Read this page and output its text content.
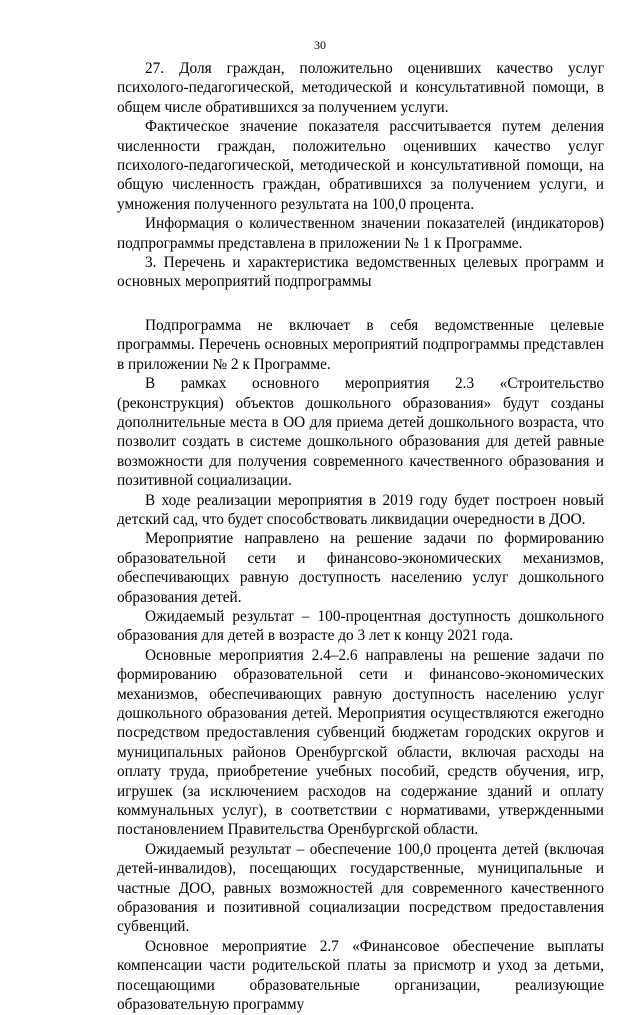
30

27. Доля граждан, положительно оценивших качество услуг психолого-педагогической, методической и консультативной помощи, в общем числе обратившихся за получением услуги.

Фактическое значение показателя рассчитывается путем деления численности граждан, положительно оценивших качество услуг психолого-педагогической, методической и консультативной помощи, на общую численность граждан, обратившихся за получением услуги, и умножения полученного результата на 100,0 процента.

Информация о количественном значении показателей (индикаторов) подпрограммы представлена в приложении № 1 к Программе.

3. Перечень и характеристика ведомственных целевых программ и основных мероприятий подпрограммы

Подпрограмма не включает в себя ведомственные целевые программы. Перечень основных мероприятий подпрограммы представлен в приложении № 2 к Программе.

В рамках основного мероприятия 2.3 «Строительство (реконструкция) объектов дошкольного образования» будут созданы дополнительные места в ОО для приема детей дошкольного возраста, что позволит создать в системе дошкольного образования для детей равные возможности для получения современного качественного образования и позитивной социализации.

В ходе реализации мероприятия в 2019 году будет построен новый детский сад, что будет способствовать ликвидации очередности в ДОО.

Мероприятие направлено на решение задачи по формированию образовательной сети и финансово-экономических механизмов, обеспечивающих равную доступность населению услуг дошкольного образования детей.

Ожидаемый результат – 100-процентная доступность дошкольного образования для детей в возрасте до 3 лет к концу 2021 года.

Основные мероприятия 2.4–2.6 направлены на решение задачи по формированию образовательной сети и финансово-экономических механизмов, обеспечивающих равную доступность населению услуг дошкольного образования детей. Мероприятия осуществляются ежегодно посредством предоставления субвенций бюджетам городских округов и муниципальных районов Оренбургской области, включая расходы на оплату труда, приобретение учебных пособий, средств обучения, игр, игрушек (за исключением расходов на содержание зданий и оплату коммунальных услуг), в соответствии с нормативами, утвержденными постановлением Правительства Оренбургской области.

Ожидаемый результат – обеспечение 100,0 процента детей (включая детей-инвалидов), посещающих государственные, муниципальные и частные ДОО, равных возможностей для современного качественного образования и позитивной социализации посредством предоставления субвенций.

Основное мероприятие 2.7 «Финансовое обеспечение выплаты компенсации части родительской платы за присмотр и уход за детьми, посещающими образовательные организации, реализующие образовательную программу
